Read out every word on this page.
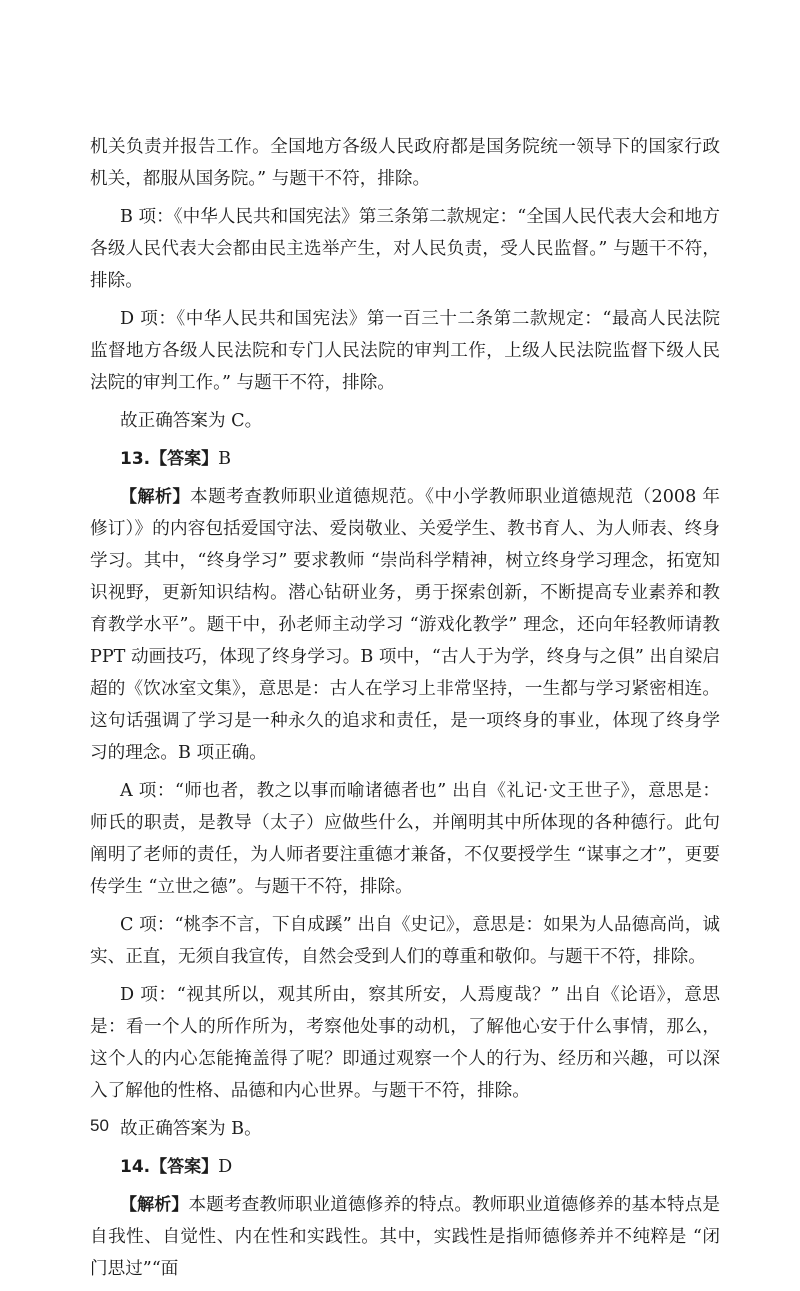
机关负责并报告工作。全国地方各级人民政府都是国务院统一领导下的国家行政机关，都服从国务院。” 与题干不符，排除。

B 项：《中华人民共和国宪法》第三条第二款规定：“全国人民代表大会和地方各级人民代表大会都由民主选举产生，对人民负责，受人民监督。” 与题干不符，排除。

D 项：《中华人民共和国宪法》第一百三十二条第二款规定：“最高人民法院监督地方各级人民法院和专门人民法院的审判工作，上级人民法院监督下级人民法院的审判工作。” 与题干不符，排除。

故正确答案为 C。

13.【答案】B

【解析】本题考查教师职业道德规范。《中小学教师职业道德规范（2008 年修订）》的内容包括爱国守法、爱岗敬业、关爱学生、教书育人、为人师表、终身学习。其中，“终身学习” 要求教师 “崇尚科学精神，树立终身学习理念，拓宽知识视野，更新知识结构。潜心钻研业务，勇于探索创新，不断提高专业素养和教育教学水平”。题干中，孙老师主动学习 “游戏化教学” 理念，还向年轻教师请教 PPT 动画技巧，体现了终身学习。B 项中，“古人于为学，终身与之俱” 出自梁启超的《饮冰室文集》，意思是：古人在学习上非常坚持，一生都与学习紧密相连。这句话强调了学习是一种永久的追求和责任，是一项终身的事业，体现了终身学习的理念。B 项正确。

A 项：“师也者，教之以事而喻诸德者也” 出自《礼记·文王世子》，意思是：师氏的职责，是教导（太子）应做些什么，并阐明其中所体现的各种德行。此句阐明了老师的责任，为人师者要注重德才兼备，不仅要授学生 “谋事之才”，更要传学生 “立世之德”。与题干不符，排除。

C 项：“桃李不言，下自成蹊” 出自《史记》，意思是：如果为人品德高尚，诚实、正直，无须自我宣传，自然会受到人们的尊重和敬仰。与题干不符，排除。

D 项：“视其所以，观其所由，察其所安，人焉廋哉？” 出自《论语》，意思是：看一个人的所作所为，考察他处事的动机，了解他心安于什么事情，那么，这个人的内心怎能掩盖得了呢？即通过观察一个人的行为、经历和兴趣，可以深入了解他的性格、品德和内心世界。与题干不符，排除。

故正确答案为 B。

14.【答案】D

【解析】本题考查教师职业道德修养的特点。教师职业道德修养的基本特点是自我性、自觉性、内在性和实践性。其中，实践性是指师德修养并不纯粹是 “闭门思过”“面

50
